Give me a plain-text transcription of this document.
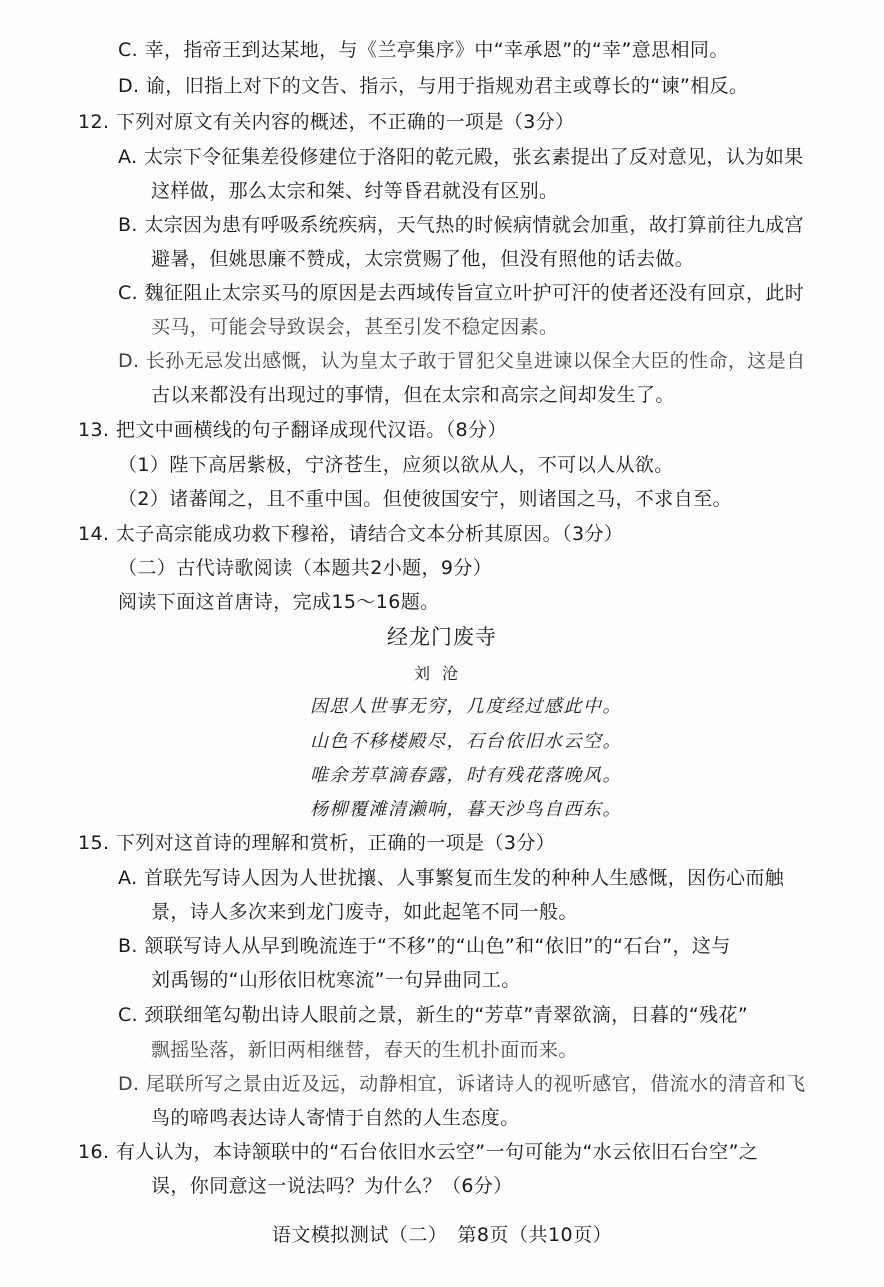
C. 幸，指帝王到达某地，与《兰亭集序》中“幸承恩”的“幸”意思相同。
D. 谕，旧指上对下的文告、指示，与用于指规劝君主或尊长的“谏”相反。
12. 下列对原文有关内容的概述，不正确的一项是（3分）
A. 太宗下令征集差役修建位于洛阳的乾元殿，张玄素提出了反对意见，认为如果
这样做，那么太宗和桀、纣等昏君就没有区别。
B. 太宗因为患有呼吸系统疾病，天气热的时候病情就会加重，故打算前往九成宫
避暑，但姚思廉不赞成，太宗赏赐了他，但没有照他的话去做。
C. 魏征阻止太宗买马的原因是去西域传旨宣立叶护可汗的使者还没有回京，此时
买马，可能会导致误会，甚至引发不稳定因素。
D. 长孙无忌发出感慨，认为皇太子敢于冒犯父皇进谏以保全大臣的性命，这是自
古以来都没有出现过的事情，但在太宗和高宗之间却发生了。
13. 把文中画横线的句子翻译成现代汉语。（8分）
（1）陛下高居紫极，宁济苍生，应须以欲从人，不可以人从欲。
（2）诸蕃闻之，且不重中国。但使彼国安宁，则诸国之马，不求自至。
14. 太子高宗能成功救下穆裕，请结合文本分析其原因。（3分）
（二）古代诗歌阅读（本题共2小题，9分）
阅读下面这首唐诗，完成15～16题。
经龙门废寺
刘沧
因思人世事无穷，几度经过感此中。
山色不移楼殿尽，石台依旧水云空。
唯余芳草滴春露，时有残花落晚风。
杨柳覆滩清濑响，暮天沙鸟自西东。
15. 下列对这首诗的理解和赏析，正确的一项是（3分）
A. 首联先写诗人因为人世扰攘、人事繁复而生发的种种人生感慨，因伤心而触
景，诗人多次来到龙门废寺，如此起笔不同一般。
B. 颔联写诗人从早到晚流连于“不移”的“山色”和“依旧”的“石台”，这与
刘禹锡的“山形依旧枕寒流”一句异曲同工。
C. 颈联细笔勾勒出诗人眼前之景，新生的“芳草”青翠欲滴，日暮的“残花”
飘摇坠落，新旧两相继替，春天的生机扑面而来。
D. 尾联所写之景由近及远，动静相宜，诉诸诗人的视听感官，借流水的清音和飞
鸟的啼鸣表达诗人寄情于自然的人生态度。
16. 有人认为，本诗颔联中的“石台依旧水云空”一句可能为“水云依旧石台空”之
误，你同意这一说法吗？为什么？（6分）
语文模拟测试（二）　第8页（共10页）
